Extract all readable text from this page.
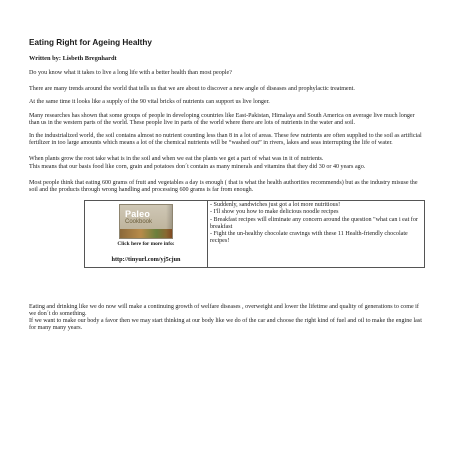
Eating Right for Ageing Healthy
Written by: Lisbeth Bregnhardt

Do you know what it takes to live a long life with a better health than most people?

There are many trends around the world that tells us that we are about to discover a new angle of diseases and prophylactic treatment.

At the same time it looks like a supply of the 90 vital bricks of nutrients can support us live longer.

Many researches has shown that some groups of people in developing countries like East-Pakistan, Himalaya and South America on average live much longer than us in the western parts of the world. These people live in parts of the world where there are lots of nutrients in the water and soil.

In the industrialized world, the soil contains almost no nutrient counting less than 8 in a lot of areas. These few nutrients are often supplied to the soil as artificial fertilizer in too large amounts which means a lot of the chemical nutrients will be “washed out” in rivers, lakes and seas interrupting the life of water.

When plants grow the root take what is in the soil and when we eat the plants we get a part of what was in it of nutrients.

This means that our basis food like corn, grain and potatoes don´t contain as many minerals and vitamins that they did 30 or 40 years ago.

Most people think that eating 600 grams of fruit and vegetables a day is enough ( that is what the health authorities recommends) but as the industry misuse the soil and the products through wrong handling and processing 600 grams is far from enough.

Paleo
Cookbook
Click here for more info:
http://tinyurl.com/yj5cjun	

- Suddenly, sandwiches just got a lot more nutritious!

- I'll show you how to make delicious noodle recipes

- Breakfast recipes will eliminate any concern around the question "what can i eat for breakfast

- Fight the un-healthy chocolate cravings with these 11 Health-friendly chocolate recipes!

Eating and drinking like we do now will make a continuing growth of welfare diseases , overweight and lower the lifetime and quality of generations to come if we don´t do something.

If we want to make our body a favor then we may start thinking at our body like we do of the car and choose the right kind of fuel and oil to make the engine last for many many years.
